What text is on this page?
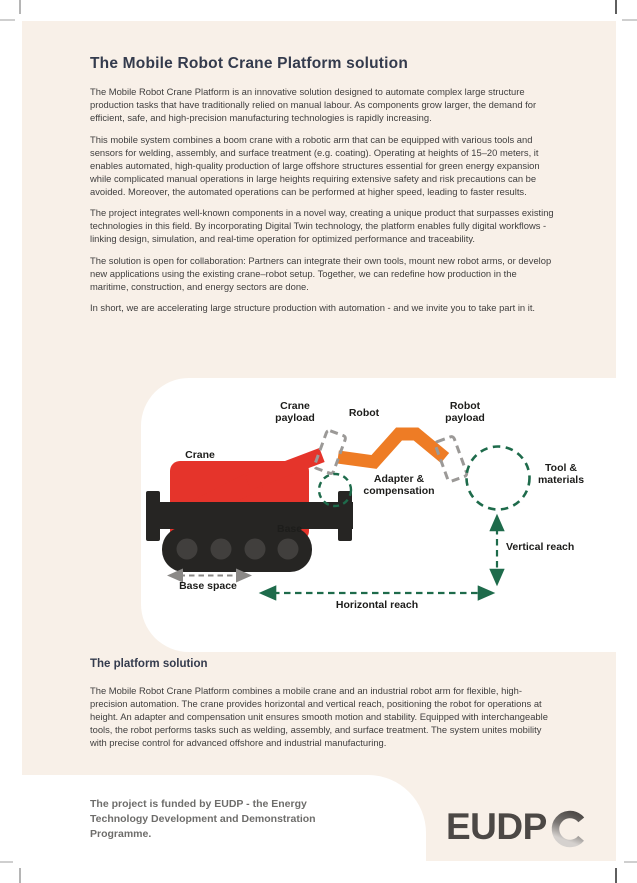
The Mobile Robot Crane Platform solution

The Mobile Robot Crane Platform is an innovative solution designed to automate complex large structure production tasks that have traditionally relied on manual labour. As components grow larger, the demand for efficient, safe, and high-precision manufacturing technologies is rapidly increasing.

This mobile system combines a boom crane with a robotic arm that can be equipped with various tools and sensors for welding, assembly, and surface treatment (e.g. coating). Operating at heights of 15–20 meters, it enables automated, high-quality production of large offshore structures essential for green energy expansion while complicated manual operations in large heights requiring extensive safety and risk precautions can be avoided. Moreover, the automated operations can be performed at higher speed, leading to faster results.

The project integrates well-known components in a novel way, creating a unique product that surpasses existing technologies in this field. By incorporating Digital Twin technology, the platform enables fully digital workflows - linking design, simulation, and real-time operation for optimized performance and traceability.

The solution is open for collaboration: Partners can integrate their own tools, mount new robot arms, or develop new applications using the existing crane–robot setup. Together, we can redefine how production in the maritime, construction, and energy sectors are done.

In short, we are accelerating large structure production with automation - and we invite you to take part in it.

Crane payload	Robot
Robot payload
Crane
Base
Adapter & compensation
Tool & materials
Vertical reach
Base space
Horizontal reach
The platform solution
The Mobile Robot Crane Platform combines a mobile crane and an industrial robot arm for flexible, high-precision automation. The crane provides horizontal and vertical reach, positioning the robot for operations at height. An adapter and compensation unit ensures smooth motion and stability. Equipped with interchangeable tools, the robot performs tasks such as welding, assembly, and surface treatment. The system unites mobility with precise control for advanced offshore and industrial manufacturing.
The project is funded by EUDP - the Energy Technology Development and Demonstration Programme.	EUDP
